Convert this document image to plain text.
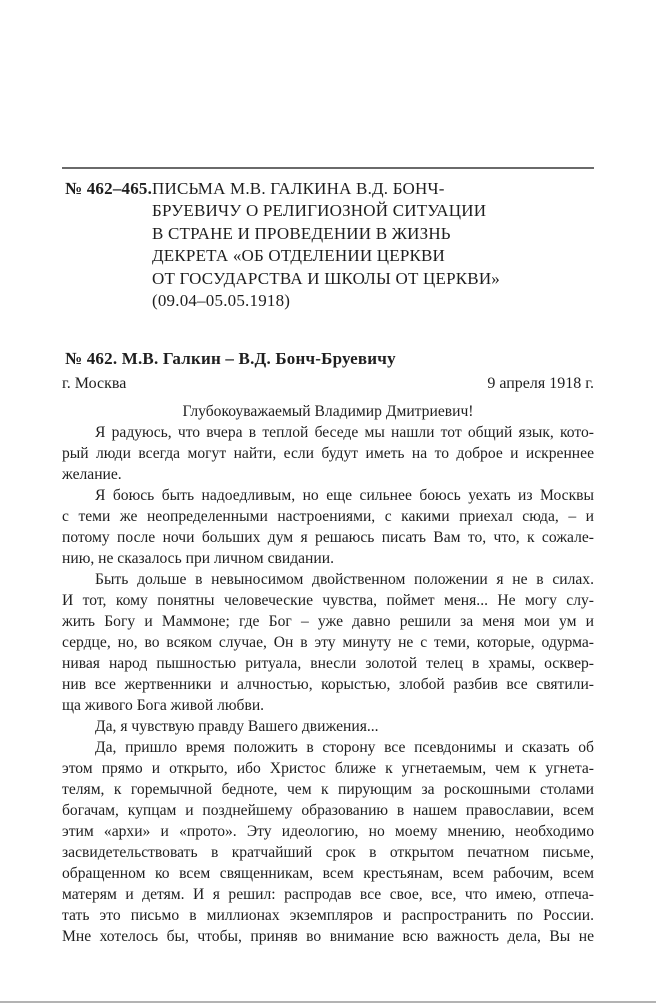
№ 462–465. ПИСЬМА М.В. ГАЛКИНА В.Д. БОНЧ-
БРУЕВИЧУ О РЕЛИГИОЗНОЙ СИТУАЦИИ
В СТРАНЕ И ПРОВЕДЕНИИ В ЖИЗНЬ
ДЕКРЕТА «ОБ ОТДЕЛЕНИИ ЦЕРКВИ
ОТ ГОСУДАРСТВА И ШКОЛЫ ОТ ЦЕРКВИ»
(09.04–05.05.1918)
№ 462. М.В. Галкин – В.Д. Бонч-Бруевичу
г. Москва	9 апреля 1918 г.
Глубокоуважаемый Владимир Дмитриевич!
Я радуюсь, что вчера в теплой беседе мы нашли тот общий язык, кото-
рый люди всегда могут найти, если будут иметь на то доброе и искреннее
желание.
Я боюсь быть надоедливым, но еще сильнее боюсь уехать из Москвы
с теми же неопределенными настроениями, с какими приехал сюда, – и
потому после ночи больших дум я решаюсь писать Вам то, что, к сожале-
нию, не сказалось при личном свидании.
Быть дольше в невыносимом двойственном положении я не в силах.
И тот, кому понятны человеческие чувства, поймет меня... Не могу слу-
жить Богу и Маммоне; где Бог – уже давно решили за меня мои ум и
сердце, но, во всяком случае, Он в эту минуту не с теми, которые, одурма-
нивая народ пышностью ритуала, внесли золотой телец в храмы, осквер-
нив все жертвенники и алчностью, корыстью, злобой разбив все святили-
ща живого Бога живой любви.
Да, я чувствую правду Вашего движения...
Да, пришло время положить в сторону все псевдонимы и сказать об
этом прямо и открыто, ибо Христос ближе к угнетаемым, чем к угнета-
телям, к горемычной бедноте, чем к пирующим за роскошными столами
богачам, купцам и позднейшему образованию в нашем православии, всем
этим «архи» и «прото». Эту идеологию, но моему мнению, необходимо
засвидетельствовать в кратчайший срок в открытом печатном письме,
обращенном ко всем священникам, всем крестьянам, всем рабочим, всем
матерям и детям. И я решил: распродав все свое, все, что имею, отпеча-
тать это письмо в миллионах экземпляров и распространить по России.
Мне хотелось бы, чтобы, приняв во внимание всю важность дела, Вы не
